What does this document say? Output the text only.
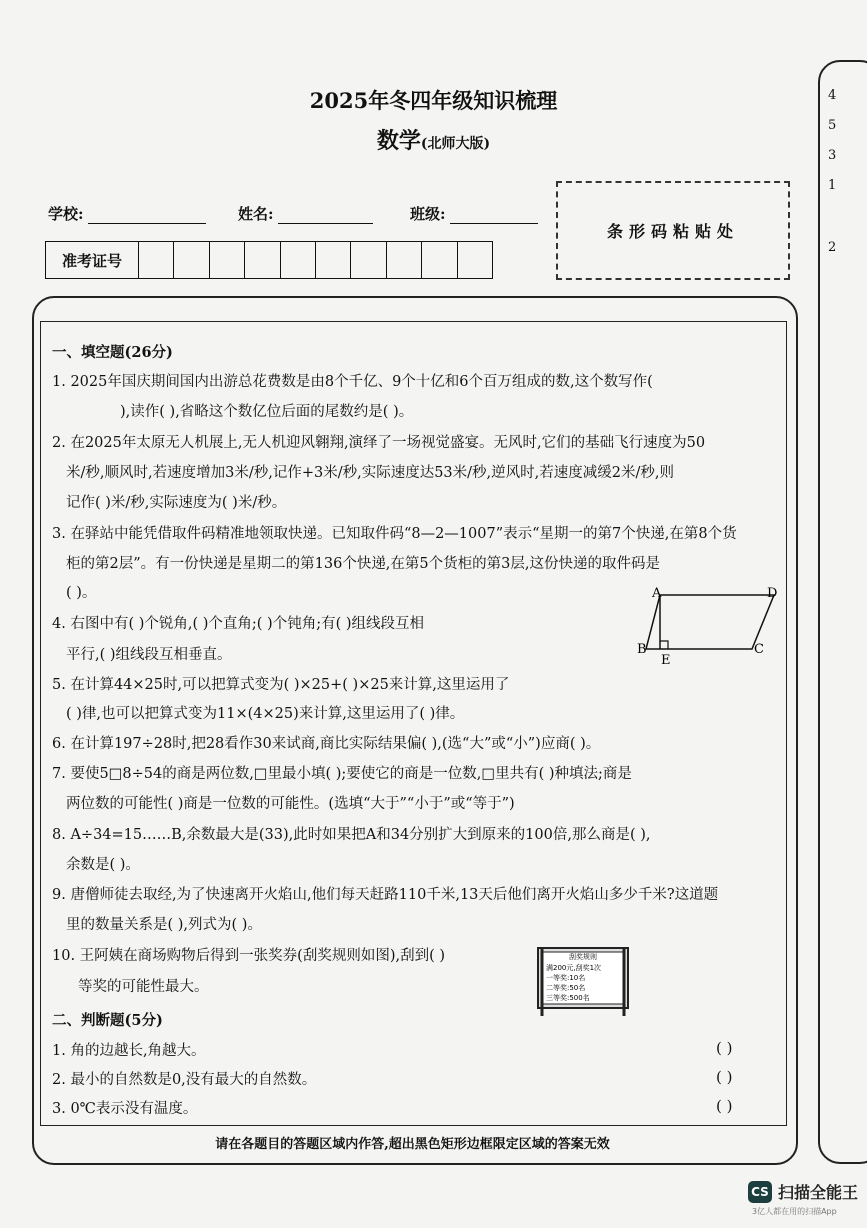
2025年冬四年级知识梳理
数学(北师大版)
学校:	姓名:	班级:
准考证号
条形码粘贴处
4
5
3
1
2
一、填空题(26分)
1. 2025年国庆期间国内出游总花费数是由8个千亿、9个十亿和6个百万组成的数,这个数写作(
),读作( ),省略这个数亿位后面的尾数约是( )。
2. 在2025年太原无人机展上,无人机迎风翱翔,演绎了一场视觉盛宴。无风时,它们的基础飞行速度为50
米/秒,顺风时,若速度增加3米/秒,记作+3米/秒,实际速度达53米/秒,逆风时,若速度减缓2米/秒,则
记作( )米/秒,实际速度为( )米/秒。
3. 在驿站中能凭借取件码精准地领取快递。已知取件码“8—2—1007”表示“星期一的第7个快递,在第8个货
柜的第2层”。有一份快递是星期二的第136个快递,在第5个货柜的第3层,这份快递的取件码是
( )。
4. 右图中有( )个锐角,( )个直角;( )个钝角;有( )组线段互相
平行,( )组线段互相垂直。
5. 在计算44×25时,可以把算式变为( )×25+( )×25来计算,这里运用了
( )律,也可以把算式变为11×(4×25)来计算,这里运用了( )律。
6. 在计算197÷28时,把28看作30来试商,商比实际结果偏( ),(选“大”或“小”)应商( )。
7. 要使5□8÷54的商是两位数,□里最小填( );要使它的商是一位数,□里共有( )种填法;商是
两位数的可能性( )商是一位数的可能性。(选填“大于”“小于”或“等于”)
8. A÷34=15……B,余数最大是(33),此时如果把A和34分别扩大到原来的100倍,那么商是( ),
余数是( )。
9. 唐僧师徒去取经,为了快速离开火焰山,他们每天赶路110千米,13天后他们离开火焰山多少千米?这道题
里的数量关系是( ),列式为( )。
10. 王阿姨在商场购物后得到一张奖券(刮奖规则如图),刮到( )
等奖的可能性最大。
A	D
B
E
C
刮奖规则
满200元,刮奖1次
一等奖:10名
二等奖:50名
三等奖:500名
二、判断题(5分)
1. 角的边越长,角越大。	( )
2. 最小的自然数是0,没有最大的自然数。	( )
3. 0℃表示没有温度。	( )
请在各题目的答题区域内作答,超出黑色矩形边框限定区域的答案无效
CS 扫描全能王
3亿人都在用的扫描App
